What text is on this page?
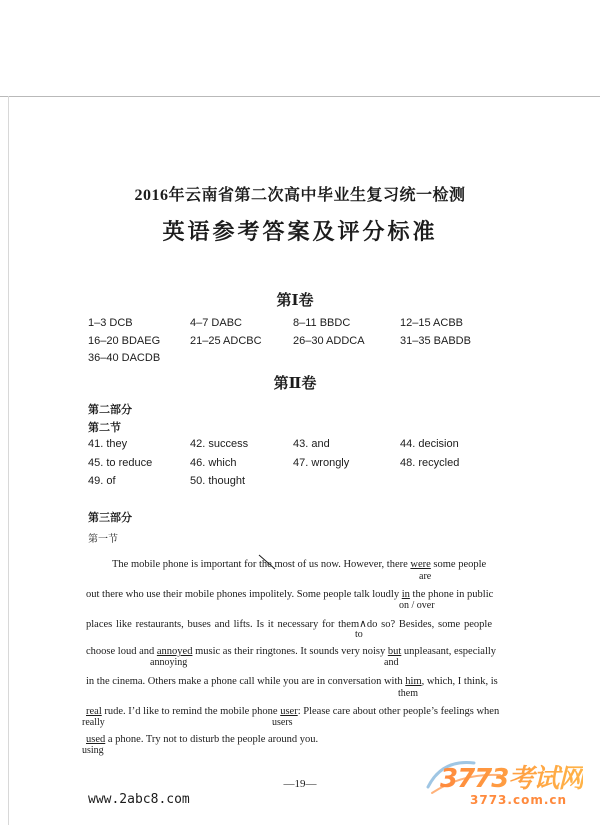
2016年云南省第二次高中毕业生复习统一检测
英语参考答案及评分标准
第Ⅰ卷
1–3 DCB	4–7 DABC	8–11 BBDC	12–15 ACBB
16–20 BDAEG	21–25 ADCBC	26–30 ADDCA	31–35 BABDB
36–40 DACDB
第Ⅱ卷
第二部分
第二节
41. they	42. success	43. and	44. decision
45. to reduce	46. which	47. wrongly	48. recycled
49. of	50. thought
第三部分
第一节
The mobile phone is important for the
most of us now. However, there were some people
are
out there who use their mobile phones impolitely. Some people talk loudly in the phone in public
on / over
places like restaurants, buses and lifts. Is it necessary for them∧do so? Besides, some people
to
choose loud and annoyed music as their ringtones. It sounds very noisy but unpleasant, especially
annoying	and
in the cinema. Others make a phone call while you are in conversation with him, which, I think, is
them
real rude. I’d like to remind the mobile phone user: Please care about other people’s feelings when
really	users
used a phone. Try not to disturb the people around you.
using
—19—
www.2abc8.com
3773考试网
3773.com.cn
